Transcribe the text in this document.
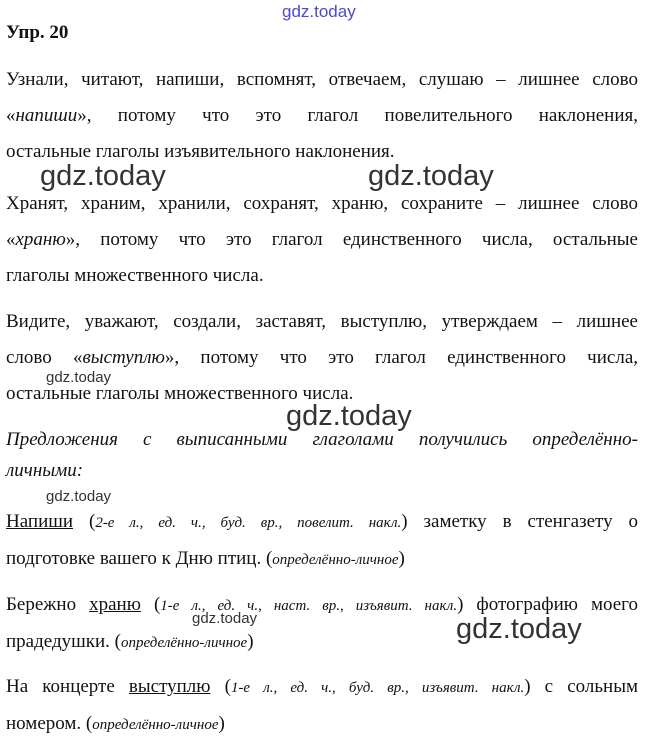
gdz.today
Упр. 20
Узнали, читают, напиши, вспомнят, отвечаем, слушаю – лишнее слово
«напиши», потому что это глагол повелительного наклонения,
остальные глаголы изъявительного наклонения.
gdz.today	gdz.today
Хранят, храним, хранили, сохранят, храню, сохраните – лишнее слово
«храню», потому что это глагол единственного числа, остальные
глаголы множественного числа.
Видите, уважают, создали, заставят, выступлю, утверждаем – лишнее
слово «выступлю», потому что это глагол единственного числа,
остальные глаголы множественного числа.
gdz.today
gdz.today
Предложения с выписанными глаголами получились определённо-
личными:
gdz.today
Напиши (2-е л., ед. ч., буд. вр., повелит. накл.) заметку в стенгазету о
подготовке вашего к Дню птиц. (определённо-личное)
Бережно храню (1-е л., ед. ч., наст. вр., изъявит. накл.) фотографию моего
прадедушки. (определённо-личное)
gdz.today	gdz.today
На концерте выступлю (1-е л., ед. ч., буд. вр., изъявит. накл.) с сольным
номером. (определённо-личное)
